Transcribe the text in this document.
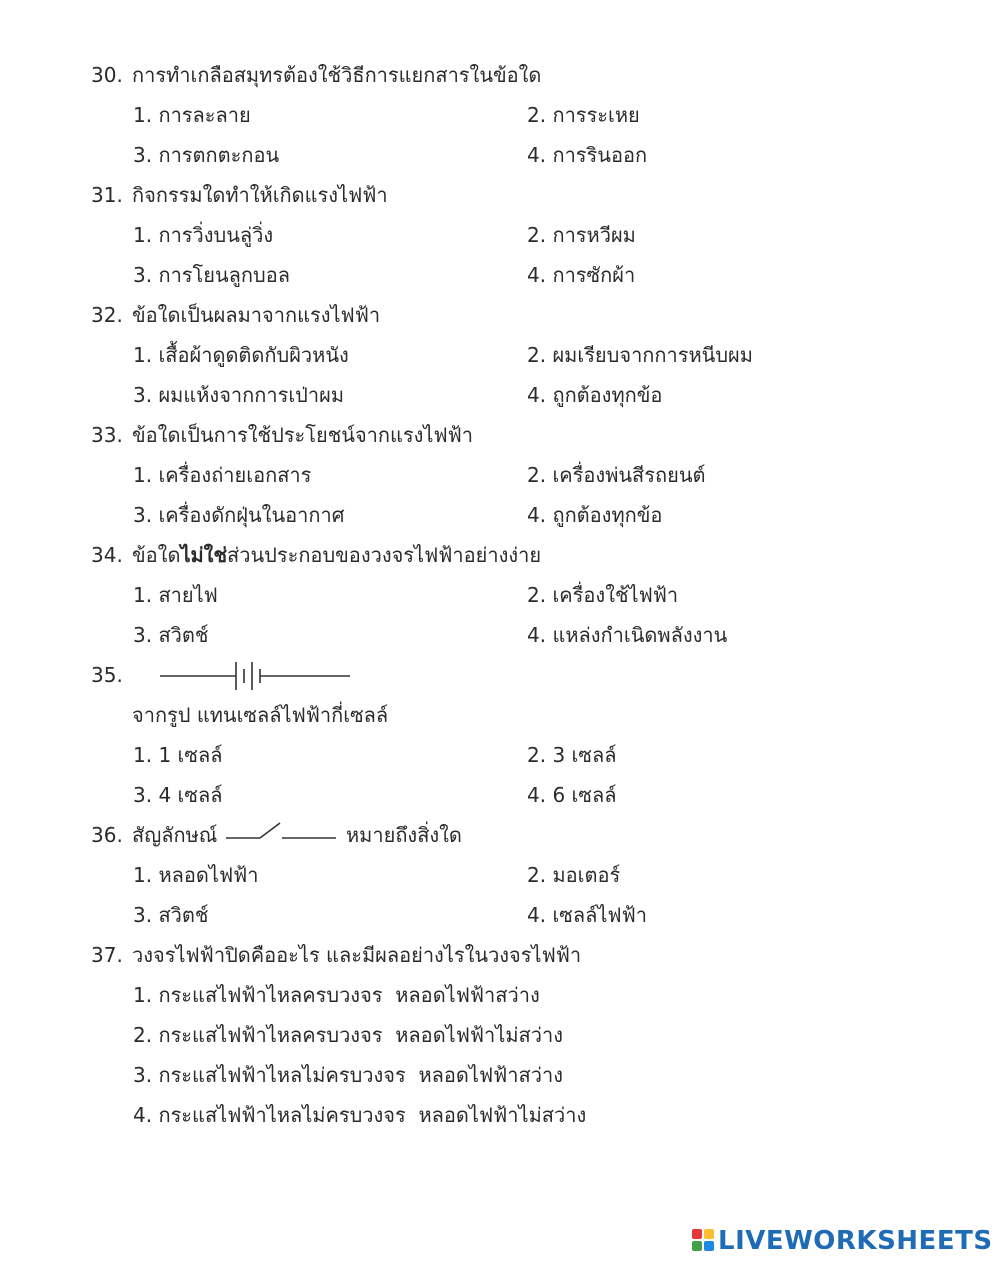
30. การทำเกลือสมุทรต้องใช้วิธีการแยกสารในข้อใด
1. การละลาย	2. การระเหย
3. การตกตะกอน	4. การรินออก
31. กิจกรรมใดทำให้เกิดแรงไฟฟ้า
1. การวิ่งบนลู่วิ่ง	2. การหวีผม
3. การโยนลูกบอล	4. การซักผ้า
32. ข้อใดเป็นผลมาจากแรงไฟฟ้า
1. เสื้อผ้าดูดติดกับผิวหนัง	2. ผมเรียบจากการหนีบผม
3. ผมแห้งจากการเป่าผม	4. ถูกต้องทุกข้อ
33. ข้อใดเป็นการใช้ประโยชน์จากแรงไฟฟ้า
1. เครื่องถ่ายเอกสาร	2. เครื่องพ่นสีรถยนต์
3. เครื่องดักฝุ่นในอากาศ	4. ถูกต้องทุกข้อ
34. ข้อใดไม่ใช่ส่วนประกอบของวงจรไฟฟ้าอย่างง่าย
1. สายไฟ	2. เครื่องใช้ไฟฟ้า
3. สวิตช์	4. แหล่งกำเนิดพลังงาน
35.
จากรูป แทนเซลล์ไฟฟ้ากี่เซลล์
1. 1 เซลล์	2. 3 เซลล์
3. 4 เซลล์	4. 6 เซลล์
36. สัญลักษณ์	หมายถึงสิ่งใด
1. หลอดไฟฟ้า	2. มอเตอร์
3. สวิตช์	4. เซลล์ไฟฟ้า
37. วงจรไฟฟ้าปิดคืออะไร และมีผลอย่างไรในวงจรไฟฟ้า
1. กระแสไฟฟ้าไหลครบวงจร  หลอดไฟฟ้าสว่าง
2. กระแสไฟฟ้าไหลครบวงจร  หลอดไฟฟ้าไม่สว่าง
3. กระแสไฟฟ้าไหลไม่ครบวงจร  หลอดไฟฟ้าสว่าง
4. กระแสไฟฟ้าไหลไม่ครบวงจร  หลอดไฟฟ้าไม่สว่าง
LIVEWORKSHEETS
